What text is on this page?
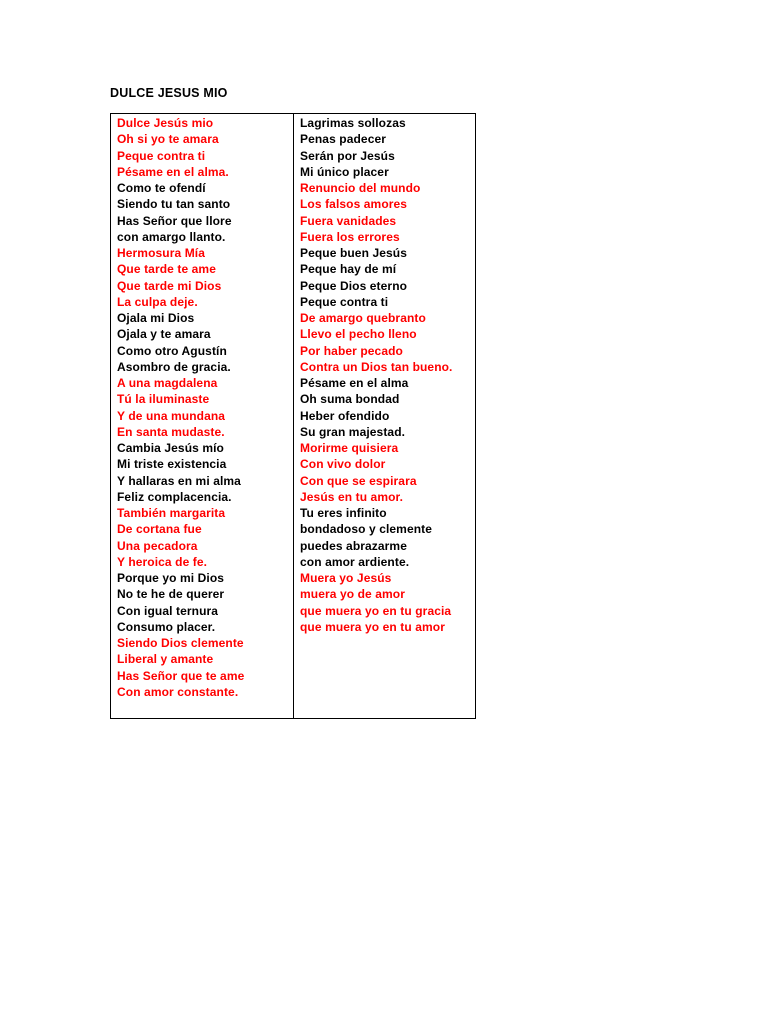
DULCE JESUS MIO
Dulce Jesús mio
Oh si yo te amara
Peque contra ti
Pésame en el alma.
Como te ofendí
Siendo tu tan santo
Has Señor que llore
con amargo llanto.
Hermosura Mía
Que tarde te ame
Que tarde mi Dios
La culpa deje.
Ojala mi Dios
Ojala y te amara
Como otro Agustín
Asombro de gracia.
A una magdalena
Tú la iluminaste
Y de una mundana
En santa mudaste.
Cambia Jesús mío
Mi triste existencia
Y hallaras en mi alma
Feliz complacencia.
También margarita
De cortana fue
Una pecadora
Y heroica de fe.
Porque yo mi Dios
No te he de querer
Con igual ternura
Consumo placer.
Siendo Dios clemente
Liberal y amante
Has Señor que te ame
Con amor constante.
Lagrimas sollozas
Penas padecer
Serán por Jesús
Mi único placer
Renuncio del mundo
Los falsos amores
Fuera vanidades
Fuera los errores
Peque buen Jesús
Peque hay de mí
Peque Dios eterno
Peque contra ti
De amargo quebranto
Llevo el pecho lleno
Por haber pecado
Contra un Dios tan bueno.
Pésame en el alma
Oh suma bondad
Heber ofendido
Su gran majestad.
Morirme quisiera
Con vivo dolor
Con que se espirara
Jesús en tu amor.
Tu eres infinito
bondadoso y clemente
puedes abrazarme
con amor ardiente.
Muera yo Jesús
muera yo de amor
que muera yo en tu gracia
que muera yo en tu amor
